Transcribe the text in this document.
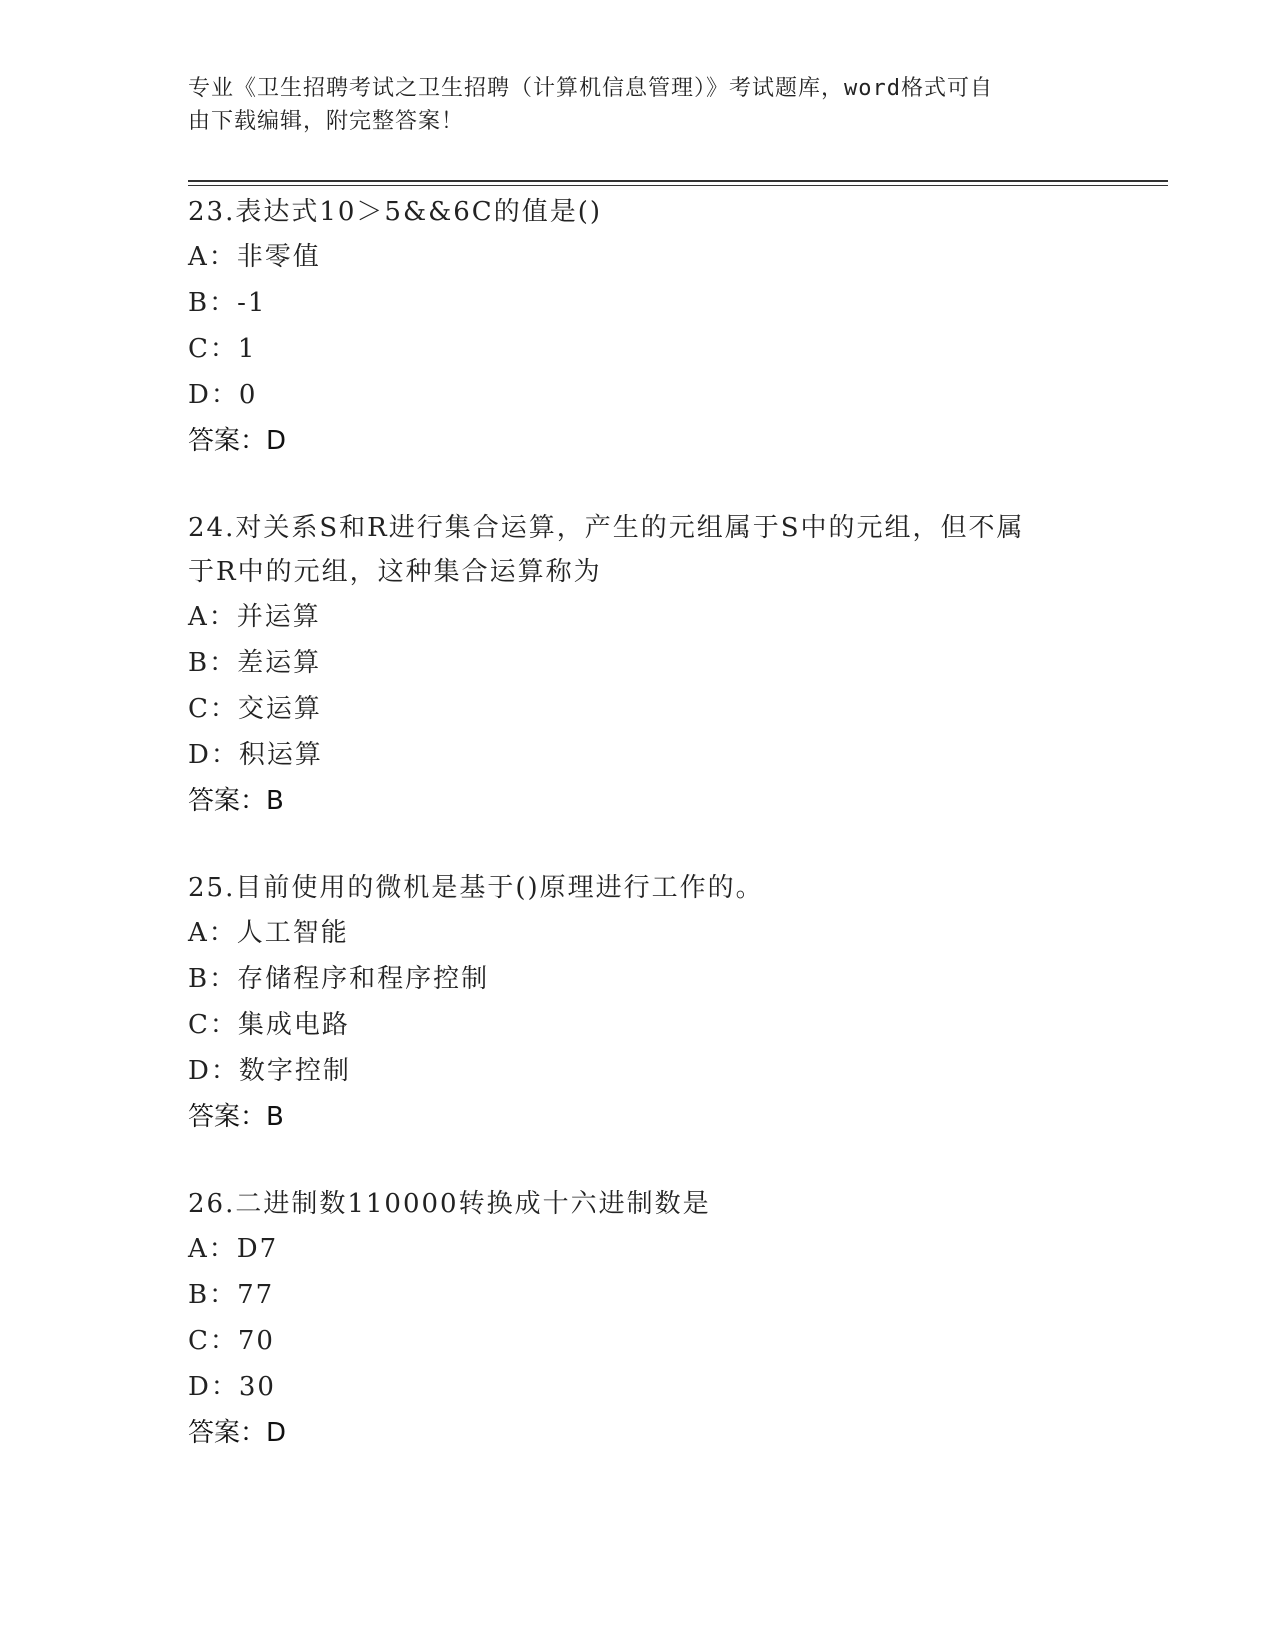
专业《卫生招聘考试之卫生招聘（计算机信息管理）》考试题库，word格式可自
由下载编辑，附完整答案！

23.表达式10＞5&&6C的值是()

A：非零值

B：-1

C：1

D：0

答案：D

24.对关系S和R进行集合运算，产生的元组属于S中的元组，但不属

于R中的元组，这种集合运算称为

A：并运算

B：差运算

C：交运算

D：积运算

答案：B

25.目前使用的微机是基于()原理进行工作的。

A：人工智能

B：存储程序和程序控制

C：集成电路

D：数字控制

答案：B

26.二进制数110000转换成十六进制数是

A：D7

B：77

C：70

D：30

答案：D
